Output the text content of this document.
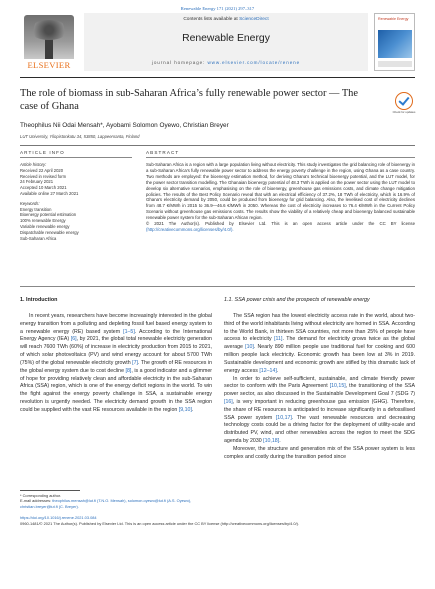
Renewable Energy 171 (2021) 297–317
ELSEVIER
Contents lists available at ScienceDirect
Renewable Energy
journal homepage: www.elsevier.com/locate/renene
Renewable Energy
The role of biomass in sub-Saharan Africa’s fully renewable power sector — The case of Ghana
Check for updates
Theophilus Nii Odai Mensah*, Ayobami Solomon Oyewo, Christian Breyer
LUT University, Yliopistonkatu 34, 53850, Lappeenranta, Finland
ARTICLE INFO	ABSTRACT
Article history:
Received 22 April 2020
Received in revised form
24 February 2021
Accepted 10 March 2021
Available online 27 March 2021
Keywords:
Energy transition
Bioenergy potential estimation
100% renewable Energy
Variable renewable energy
Dispatchable renewable energy
Sub-Saharan Africa
Sub-Saharan Africa is a region with a large population living without electricity. This study investigates the grid balancing role of bioenergy in a sub-Saharan Africa’s fully renewable power sector to address the energy poverty challenge in the region, using Ghana as a case country. Two methods are employed: the bioenergy estimation method, for deriving Ghana’s technical bioenergy potential, and the LUT model, for the power sector transition modelling. The Ghanaian bioenergy potential of 48.3 TWh is applied on the power sector using the LUT model to develop six alternative scenarios, emphasising on the role of bioenergy, greenhouse gas emissions costs, and climate change mitigation policies. The results of the Best Policy Scenario reveal that with an electrical efficiency of 37.2%, 18 TWh of electricity, which is 16.9% of Ghana’s electricity demand by 2050, could be produced from bioenergy for grid balancing. Also, the levelised cost of electricity declines from 48.7 €/MWh in 2015 to 36.9—46.6 €/MWh in 2050. Whereas the cost of electricity increases to 76.4 €/MWh in the Current Policy Scenario without greenhouse gas emissions costs. The results show the viability of a relatively cheap and bioenergy balanced sustainable renewable power system for the sub-Saharan African region.
© 2021 The Author(s). Published by Elsevier Ltd. This is an open access article under the CC BY license (http://creativecommons.org/licenses/by/4.0/).
1. Introduction	1.1. SSA power crisis and the prospects of renewable energy

In recent years, researchers have become increasingly interested in the global energy transition from a polluting and depleting fossil fuel based energy system to a renewable energy (RE) based system [1–5]. According to the International Energy Agency (IEA) [6], by 2021, the global total renewable electricity generation will reach 7600 TWh (60%) of increase in electricity production from 2015 to 2021, of which solar photovoltaics (PV) and wind energy account for about 5700 TWh (75%) of the global renewable electricity growth [7]. The growth of RE resources in the global energy system due to cost decline [8], is a good indicator and a glimmer of hope for providing relatively clean and affordable electricity in the sub-Saharan Africa (SSA) region, which is one of the energy deficit regions in the world. To win the fight against the energy poverty challenge in SSA, a sustainable energy revolution is urgently needed. The electricity demand growth in the SSA region could be supplied with the vast RE resources available in the region [9,10].

The SSA region has the lowest electricity access rate in the world, about two-third of the world inhabitants living without electricity are homed in SSA. According to the World Bank, in thirteen SSA countries, not more than 25% of people have access to electricity [11]. The demand for electricity grows twice as the global average [10]. Nearly 890 million people use traditional fuel for cooking and 600 million people lack electricity. Economic growth has been low at 3% in 2019. Sustainable development and economic growth are stifled by this dramatic lack of energy access [12–14].

In order to achieve self-sufficient, sustainable, and climate friendly power sector to conform with the Paris Agreement [10,15], the transitioning of the SSA power sector, as also discussed in the Sustainable Development Goal 7 (SDG 7) [16], is very important in reducing greenhouse gas emission (GHG). Therefore, the share of RE resources is anticipated to increase significantly in a defossilised SSA power system [10,17]. The vast renewable resources and decreasing technology costs could be a driving factor for the deployment of utility-scale and distributed PV, wind, and other renewables across the region to meet the SDG agenda by 2030 [10,18].

Moreover, the structure and generation mix of the SSA power system is less complex and costly during the transition period since

* Corresponding author.
E-mail addresses: theophilus.mensah@lut.fi (T.N.O. Mensah), solomon.oyewo@lut.fi (A.S. Oyewo), christian.breyer@lut.fi (C. Breyer).
https://doi.org/10.1016/j.renene.2021.03.084
0960-1481/© 2021 The Author(s). Published by Elsevier Ltd. This is an open access article under the CC BY license (http://creativecommons.org/licenses/by/4.0/).
